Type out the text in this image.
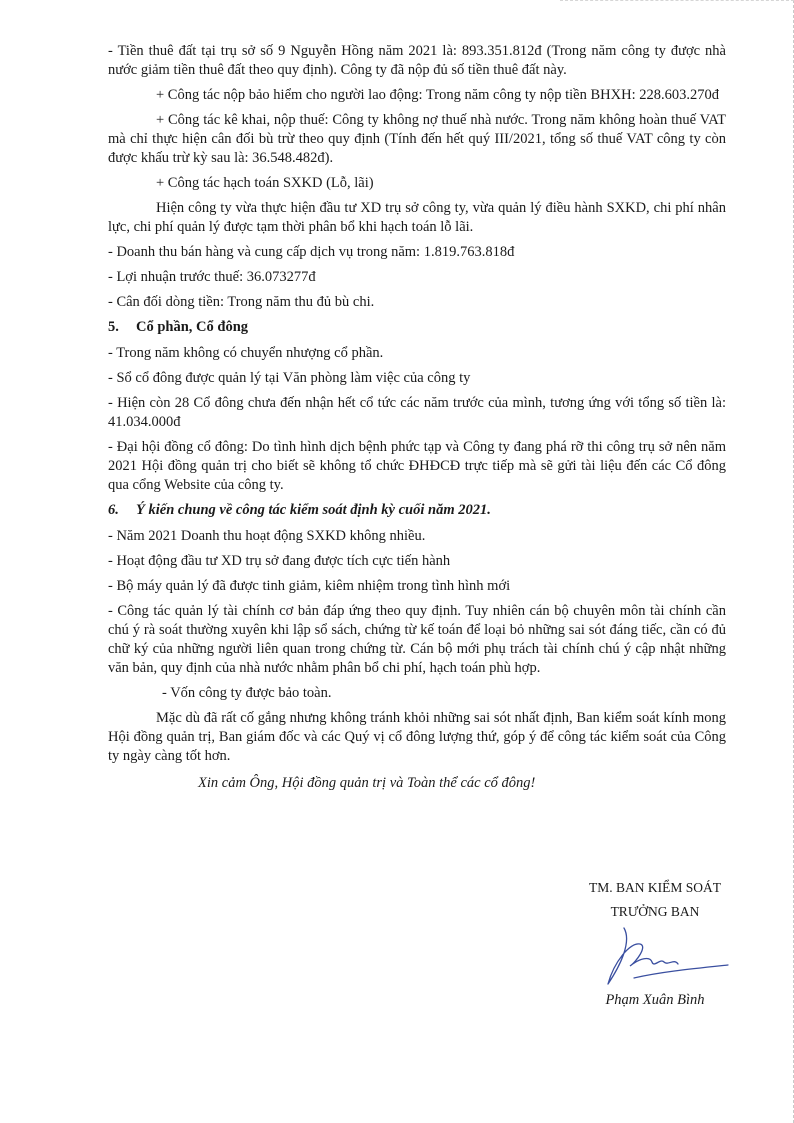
- Tiền thuê đất tại trụ sở số 9 Nguyễn Hồng năm 2021 là: 893.351.812đ (Trong năm công ty được nhà nước giảm tiền thuê đất theo quy định). Công ty đã nộp đủ số tiền thuê đất này.

+ Công tác nộp bảo hiểm cho người lao động: Trong năm công ty nộp tiền BHXH: 228.603.270đ

+ Công tác kê khai, nộp thuế: Công ty không nợ thuế nhà nước. Trong năm không hoàn thuế VAT mà chỉ thực hiện cân đối bù trừ theo quy định (Tính đến hết quý III/2021, tổng số thuế VAT công ty còn được khấu trừ kỳ sau là: 36.548.482đ).

+ Công tác hạch toán SXKD (Lỗ, lãi)

Hiện công ty vừa thực hiện đầu tư XD trụ sở công ty, vừa quản lý điều hành SXKD, chi phí nhân lực, chi phí quản lý được tạm thời phân bổ khi hạch toán lỗ lãi.

- Doanh thu bán hàng và cung cấp dịch vụ trong năm: 1.819.763.818đ

- Lợi nhuận trước thuế: 36.073277đ

- Cân đối dòng tiền: Trong năm thu đủ bù chi.

5. Cổ phần, Cổ đông

- Trong năm không có chuyển nhượng cổ phần.

- Sổ cổ đông được quản lý tại Văn phòng làm việc của công ty

- Hiện còn 28 Cổ đông chưa đến nhận hết cổ tức các năm trước của mình, tương ứng với tổng số tiền là: 41.034.000đ

- Đại hội đồng cổ đông: Do tình hình dịch bệnh phức tạp và Công ty đang phá rỡ thi công trụ sở nên năm 2021 Hội đồng quản trị cho biết sẽ không tổ chức ĐHĐCĐ trực tiếp mà sẽ gửi tài liệu đến các Cổ đông qua cổng Website của công ty.

6. Ý kiến chung về công tác kiểm soát định kỳ cuối năm 2021.

- Năm 2021 Doanh thu hoạt động SXKD không nhiều.

- Hoạt động đầu tư XD trụ sở đang được tích cực tiến hành

- Bộ máy quản lý đã được tinh giảm, kiêm nhiệm trong tình hình mới

- Công tác quản lý tài chính cơ bản đáp ứng theo quy định. Tuy nhiên cán bộ chuyên môn tài chính cần chú ý rà soát thường xuyên khi lập sổ sách, chứng từ kế toán để loại bỏ những sai sót đáng tiếc, cần có đủ chữ ký của những người liên quan trong chứng từ. Cán bộ mới phụ trách tài chính chú ý cập nhật những văn bản, quy định của nhà nước nhằm phân bổ chi phí, hạch toán phù hợp.

- Vốn công ty được bảo toàn.

Mặc dù đã rất cố gắng nhưng không tránh khỏi những sai sót nhất định, Ban kiểm soát kính mong Hội đồng quản trị, Ban giám đốc và các Quý vị cổ đông lượng thứ, góp ý để công tác kiểm soát của Công ty ngày càng tốt hơn.

Xin cảm Ông, Hội đồng quản trị và Toàn thể các cổ đông!

TM. BAN KIỂM SOÁT
TRƯỞNG BAN
Phạm Xuân Bình
